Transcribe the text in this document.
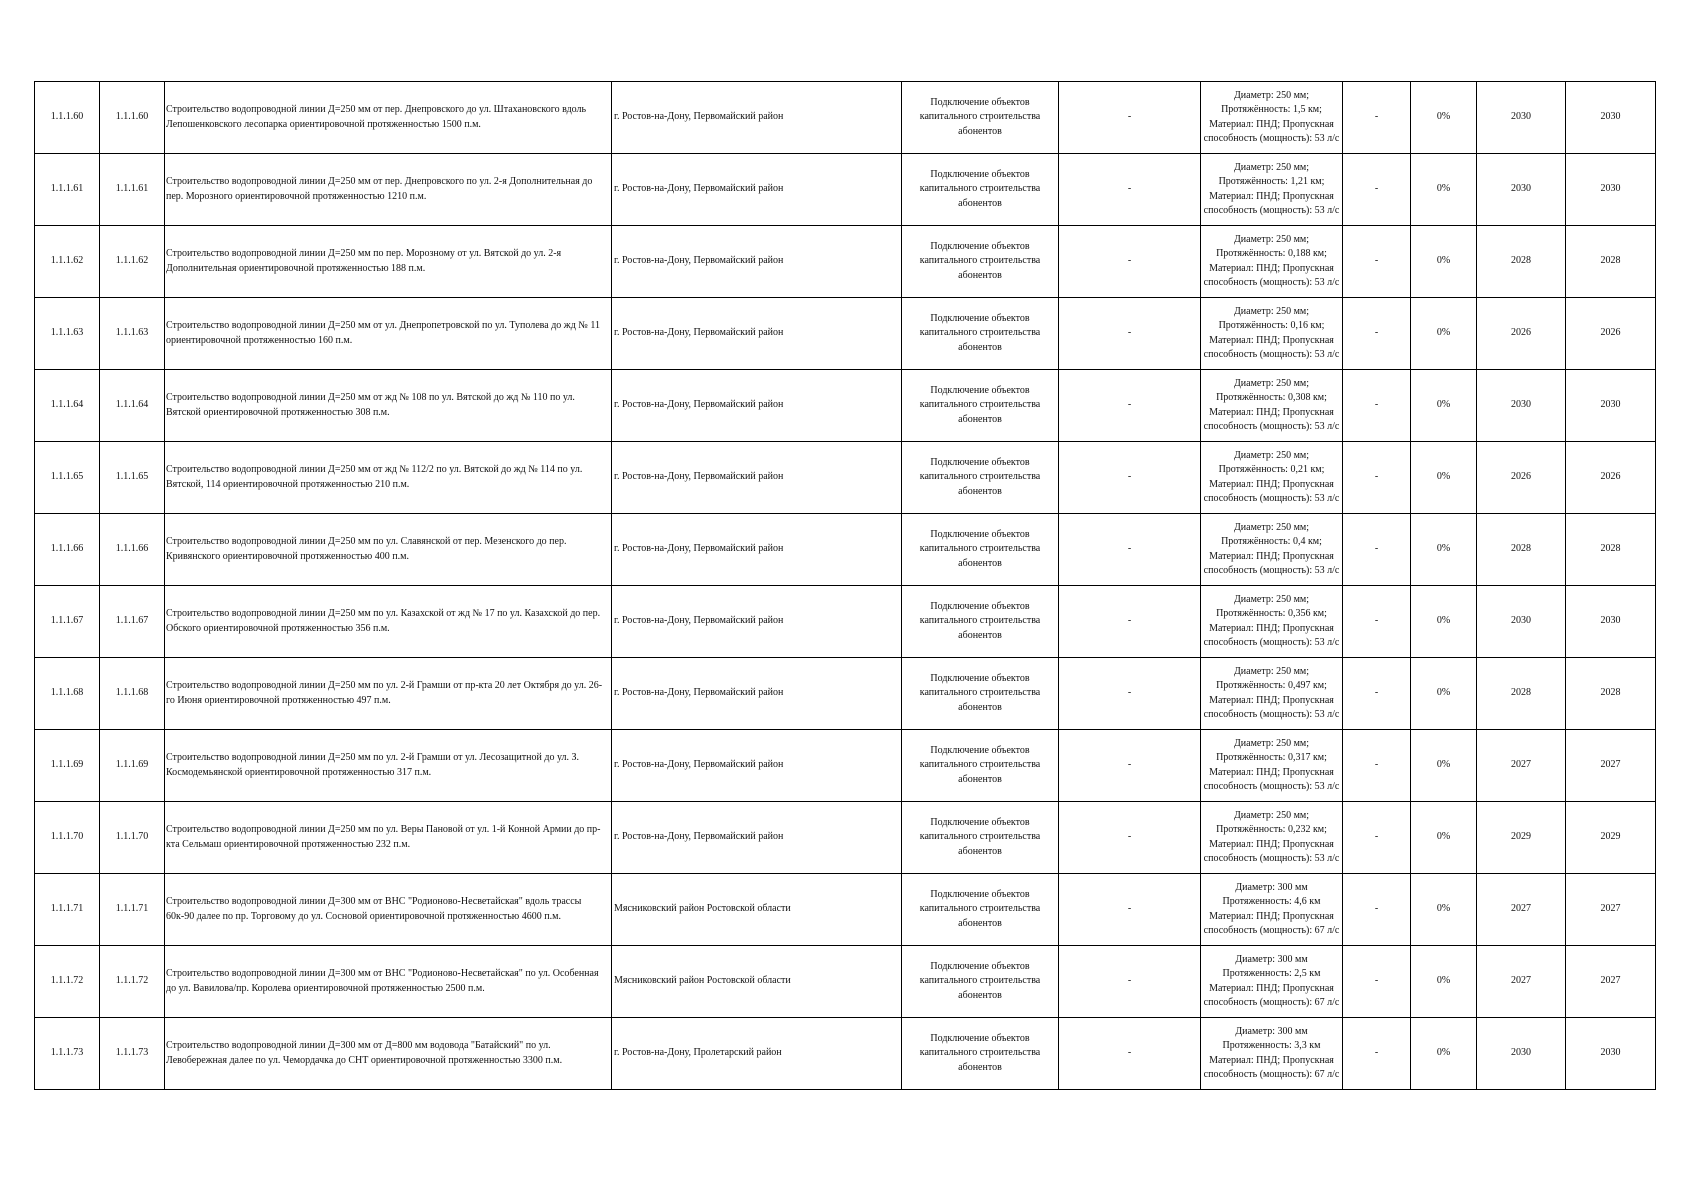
1.1.1.60	1.1.1.60	Строительство водопроводной линии Д=250 мм от пер. Днепровского до ул. Штахановского вдоль Лепошенковского лесопарка ориентировочной протяженностью 1500 п.м.	г. Ростов-на-Дону, Первомайский район	Подключение объектов капитального строительства абонентов	-	Диаметр: 250 мм; Протяжённость: 1,5 км; Материал: ПНД; Пропускная способность (мощность): 53 л/с	-	0%	2030	2030
1.1.1.61	1.1.1.61	Строительство водопроводной линии Д=250 мм от пер. Днепровского по ул. 2-я Дополнительная до пер. Морозного ориентировочной протяженностью 1210 п.м.	г. Ростов-на-Дону, Первомайский район	Подключение объектов капитального строительства абонентов	-	Диаметр: 250 мм; Протяжённость: 1,21 км; Материал: ПНД; Пропускная способность (мощность): 53 л/с	-	0%	2030	2030
1.1.1.62	1.1.1.62	Строительство водопроводной линии Д=250 мм по пер. Морозному от ул. Вятской до ул. 2-я Дополнительная ориентировочной протяженностью 188 п.м.	г. Ростов-на-Дону, Первомайский район	Подключение объектов капитального строительства абонентов	-	Диаметр: 250 мм; Протяжённость: 0,188 км; Материал: ПНД; Пропускная способность (мощность): 53 л/с	-	0%	2028	2028
1.1.1.63	1.1.1.63	Строительство водопроводной линии Д=250 мм от ул. Днепропетровской по ул. Туполева до жд № 11 ориентировочной протяженностью 160 п.м.	г. Ростов-на-Дону, Первомайский район	Подключение объектов капитального строительства абонентов	-	Диаметр: 250 мм; Протяжённость: 0,16 км; Материал: ПНД; Пропускная способность (мощность): 53 л/с	-	0%	2026	2026
1.1.1.64	1.1.1.64	Строительство водопроводной линии Д=250 мм от жд № 108 по ул. Вятской до жд № 110 по ул. Вятской ориентировочной протяженностью 308 п.м.	г. Ростов-на-Дону, Первомайский район	Подключение объектов капитального строительства абонентов	-	Диаметр: 250 мм; Протяжённость: 0,308 км; Материал: ПНД; Пропускная способность (мощность): 53 л/с	-	0%	2030	2030
1.1.1.65	1.1.1.65	Строительство водопроводной линии Д=250 мм от жд № 112/2 по ул. Вятской до жд № 114 по ул. Вятской, 114 ориентировочной протяженностью 210 п.м.	г. Ростов-на-Дону, Первомайский район	Подключение объектов капитального строительства абонентов	-	Диаметр: 250 мм; Протяжённость: 0,21 км; Материал: ПНД; Пропускная способность (мощность): 53 л/с	-	0%	2026	2026
1.1.1.66	1.1.1.66	Строительство водопроводной линии Д=250 мм по ул. Славянской от пер. Мезенского до пер. Кривянского ориентировочной протяженностью 400 п.м.	г. Ростов-на-Дону, Первомайский район	Подключение объектов капитального строительства абонентов	-	Диаметр: 250 мм; Протяжённость: 0,4 км; Материал: ПНД; Пропускная способность (мощность): 53 л/с	-	0%	2028	2028
1.1.1.67	1.1.1.67	Строительство водопроводной линии Д=250 мм по ул. Казахской от жд № 17 по ул. Казахской до пер. Обского ориентировочной протяженностью 356 п.м.	г. Ростов-на-Дону, Первомайский район	Подключение объектов капитального строительства абонентов	-	Диаметр: 250 мм; Протяжённость: 0,356 км; Материал: ПНД; Пропускная способность (мощность): 53 л/с	-	0%	2030	2030
1.1.1.68	1.1.1.68	Строительство водопроводной линии Д=250 мм по ул. 2-й Грамши от пр-кта 20 лет Октября до ул. 26-го Июня ориентировочной протяженностью 497 п.м.	г. Ростов-на-Дону, Первомайский район	Подключение объектов капитального строительства абонентов	-	Диаметр: 250 мм; Протяжённость: 0,497 км; Материал: ПНД; Пропускная способность (мощность): 53 л/с	-	0%	2028	2028
1.1.1.69	1.1.1.69	Строительство водопроводной линии Д=250 мм по ул. 2-й Грамши от ул. Лесозащитной до ул. З. Космодемьянской ориентировочной протяженностью 317 п.м.	г. Ростов-на-Дону, Первомайский район	Подключение объектов капитального строительства абонентов	-	Диаметр: 250 мм; Протяжённость: 0,317 км; Материал: ПНД; Пропускная способность (мощность): 53 л/с	-	0%	2027	2027
1.1.1.70	1.1.1.70	Строительство водопроводной линии Д=250 мм по ул. Веры Пановой от ул. 1-й Конной Армии до пр-кта Сельмаш ориентировочной протяженностью 232 п.м.	г. Ростов-на-Дону, Первомайский район	Подключение объектов капитального строительства абонентов	-	Диаметр: 250 мм; Протяжённость: 0,232 км; Материал: ПНД; Пропускная способность (мощность): 53 л/с	-	0%	2029	2029
1.1.1.71	1.1.1.71	Строительство водопроводной линии Д=300 мм от ВНС "Родионово-Несветайская" вдоль трассы 60к-90 далее по пр. Торговому до ул. Сосновой ориентировочной протяженностью 4600 п.м.	Мясниковский район Ростовской области	Подключение объектов капитального строительства абонентов	-	Диаметр: 300 мм Протяженность: 4,6 км Материал: ПНД; Пропускная способность (мощность): 67 л/с	-	0%	2027	2027
1.1.1.72	1.1.1.72	Строительство водопроводной линии Д=300 мм от ВНС "Родионово-Несветайская" по ул. Особенная до ул. Вавилова/пр. Королева ориентировочной протяженностью 2500 п.м.	Мясниковский район Ростовской области	Подключение объектов капитального строительства абонентов	-	Диаметр: 300 мм Протяженность: 2,5 км Материал: ПНД; Пропускная способность (мощность): 67 л/с	-	0%	2027	2027
1.1.1.73	1.1.1.73	Строительство водопроводной линии Д=300 мм от Д=800 мм водовода "Батайский" по ул. Левобережная далее по ул. Чемордачка до СНТ ориентировочной протяженностью 3300 п.м.	г. Ростов-на-Дону, Пролетарский район	Подключение объектов капитального строительства абонентов	-	Диаметр: 300 мм Протяженность: 3,3 км Материал: ПНД; Пропускная способность (мощность): 67 л/с	-	0%	2030	2030
